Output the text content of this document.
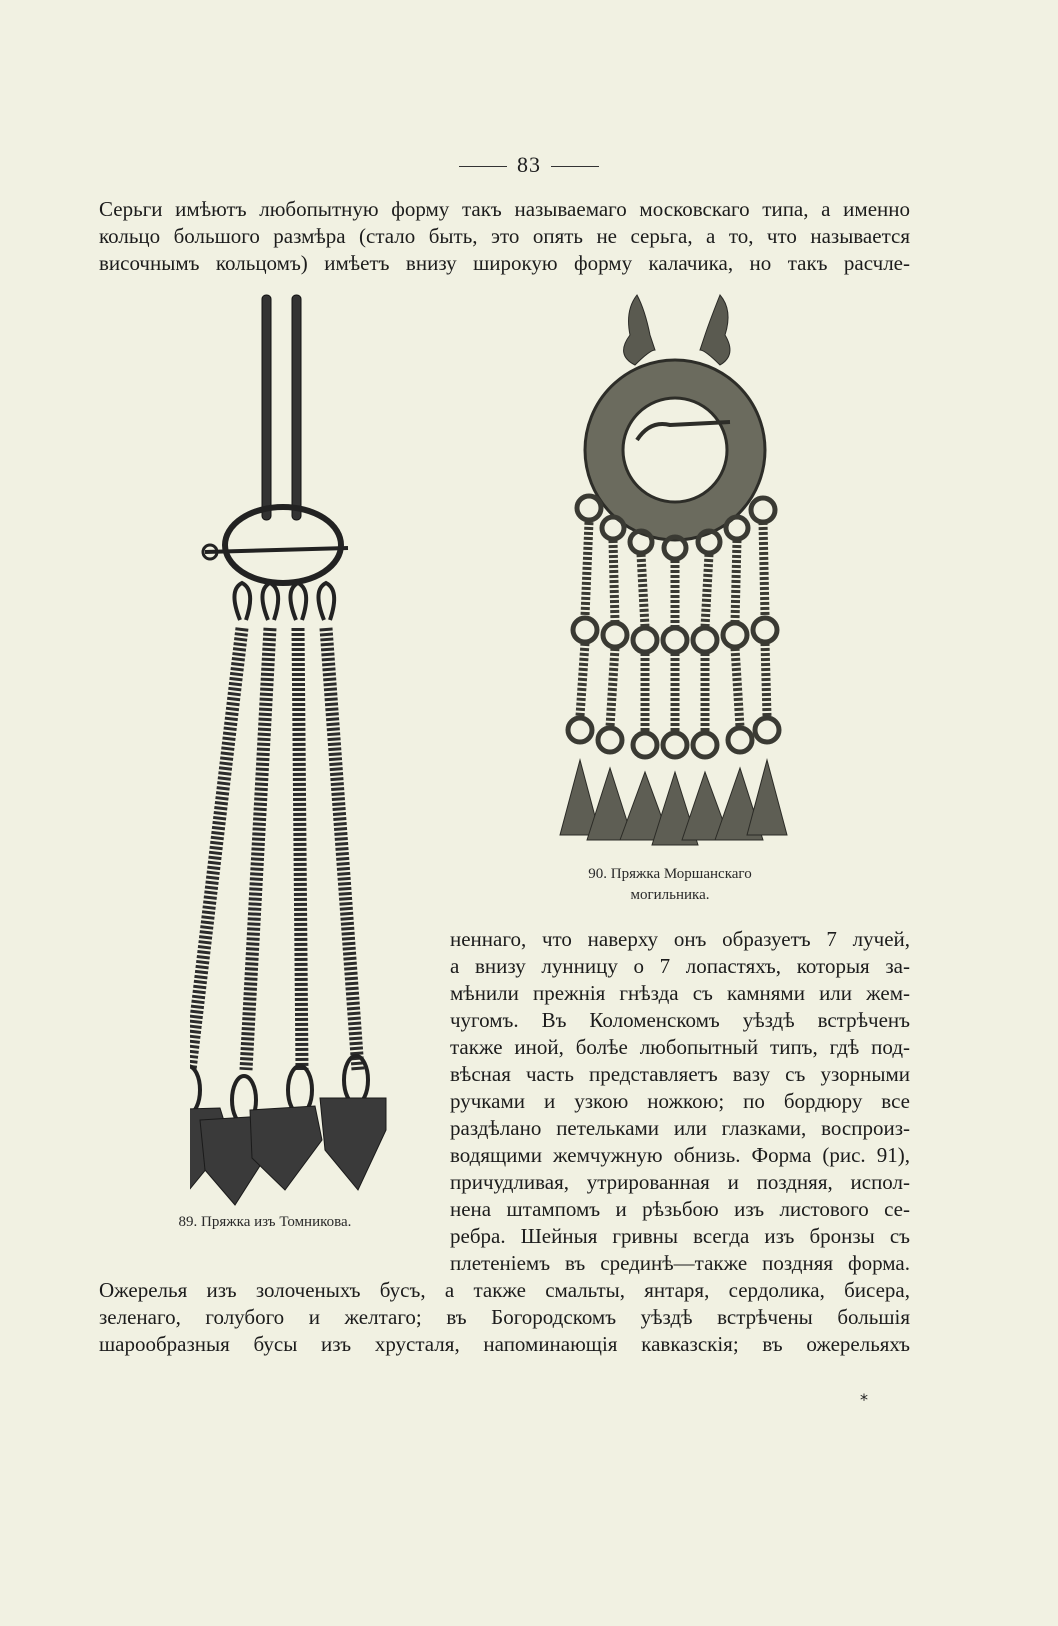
83
Серьги имѣютъ любопытную форму такъ называемаго московскаго типа, а именно
кольцо большого размѣра (стало быть, это опять не серьга, а то, что называется
височнымъ кольцомъ) имѣетъ внизу широкую форму калачика, но такъ расчле-
89. Пряжка изъ Томникова.
90. Пряжка Моршанскаго
могильника.
неннаго, что наверху онъ образуетъ 7 лучей,
а внизу лунницу о 7 лопастяхъ, которыя за-
мѣнили прежнія гнѣзда съ камнями или жем-
чугомъ. Въ Коломенскомъ уѣздѣ встрѣченъ
также иной, болѣе любопытный типъ, гдѣ под-
вѣсная часть представляетъ вазу съ узорными
ручками и узкою ножкою; по бордюру все
раздѣлано петельками или глазками, воспроиз-
водящими жемчужную обнизь. Форма (рис. 91),
причудливая, утрированная и поздняя, испол-
нена штампомъ и рѣзьбою изъ листового се-
ребра. Шейныя гривны всегда изъ бронзы съ
плетеніемъ въ срединѣ—также поздняя форма.
Ожерелья изъ золоченыхъ бусъ, а также смальты, янтаря, сердолика, бисера,
зеленаго, голубого и желтаго; въ Богородскомъ уѣздѣ встрѣчены большія
шарообразныя бусы изъ хрусталя, напоминающія кавказскія; въ ожерельяхъ
*
